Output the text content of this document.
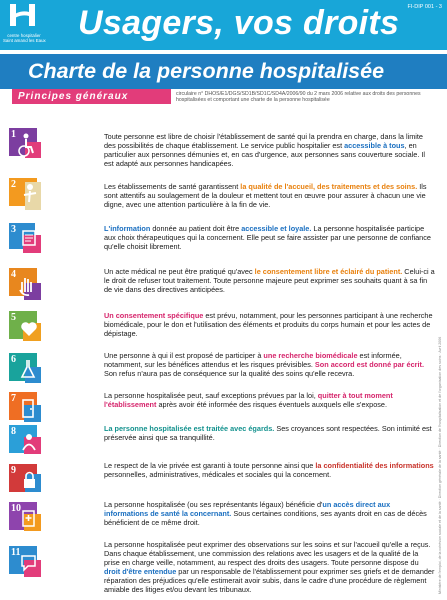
centre hospitalier
Saint amand les Eaux Usagers, vos droits FI-DIP 001 - 3
Charte de la personne hospitalisée
Principes généraux	circulaire n° DHOS/E1/DGS/SD1B/SD1C/SD4A/2006/90 du 2 mars 2006 relative aux droits des personnes hospitalisées et comportant une charte de la personne hospitalisée
Ministère de l'emploi, de la cohésion sociale et de la santé · Direction générale de la santé · Direction de l'hospitalisation et de l'organisation des soins · Avril 2006
1
2
3
4
5
6
7
8
9
10
11

Toute personne est libre de choisir l'établissement de santé qui la prendra en charge, dans la limite des possibilités de chaque établissement. Le service public hospitalier est accessible à tous, en particulier aux personnes démunies et, en cas d'urgence, aux personnes sans couverture sociale. Il est adapté aux personnes handicapées.

Les établissements de santé garantissent la qualité de l'accueil, des traitements et des soins. Ils sont attentifs au soulagement de la douleur et mettent tout en œuvre pour assurer à chacun une vie digne, avec une attention particulière à la fin de vie.

L'information donnée au patient doit être accessible et loyale. La personne hospitalisée participe aux choix thérapeutiques qui la concernent. Elle peut se faire assister par une personne de confiance qu'elle choisit librement.

Un acte médical ne peut être pratiqué qu'avec le consentement libre et éclairé du patient. Celui-ci a le droit de refuser tout traitement. Toute personne majeure peut exprimer ses souhaits quant à sa fin de vie dans des directives anticipées.

Un consentement spécifique est prévu, notamment, pour les personnes participant à une recherche biomédicale, pour le don et l'utilisation des éléments et produits du corps humain et pour les actes de dépistage.

Une personne à qui il est proposé de participer à une recherche biomédicale est informée, notamment, sur les bénéfices attendus et les risques prévisibles. Son accord est donné par écrit. Son refus n'aura pas de conséquence sur la qualité des soins qu'elle recevra.

La personne hospitalisée peut, sauf exceptions prévues par la loi, quitter à tout moment l'établissement après avoir été informée des risques éventuels auxquels elle s'expose.

La personne hospitalisée est traitée avec égards. Ses croyances sont respectées. Son intimité est préservée ainsi que sa tranquillité.

Le respect de la vie privée est garanti à toute personne ainsi que la confidentialité des informations personnelles, administratives, médicales et sociales qui la concernent.

La personne hospitalisée (ou ses représentants légaux) bénéficie d'un accès direct aux informations de santé la concernant. Sous certaines conditions, ses ayants droit en cas de décès bénéficient de ce même droit.

La personne hospitalisée peut exprimer des observations sur les soins et sur l'accueil qu'elle a reçus. Dans chaque établissement, une commission des relations avec les usagers et de la qualité de la prise en charge veille, notamment, au respect des droits des usagers. Toute personne dispose du droit d'être entendue par un responsable de l'établissement pour exprimer ses griefs et de demander réparation des préjudices qu'elle estimerait avoir subis, dans le cadre d'une procédure de règlement amiable des litiges et/ou devant les tribunaux.
